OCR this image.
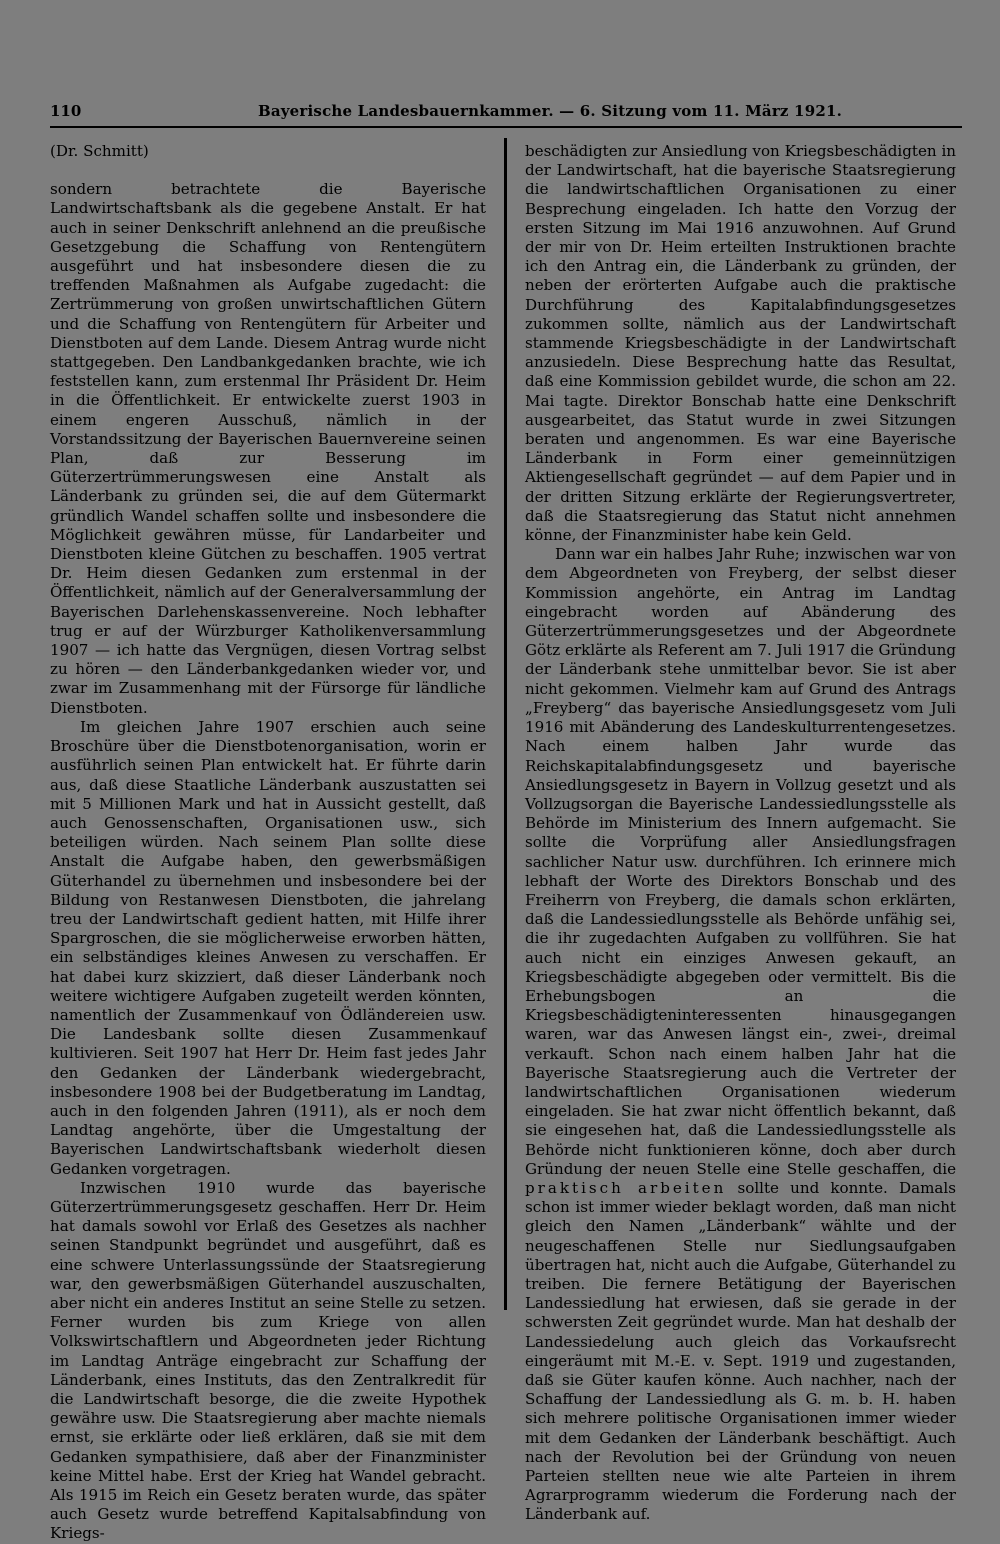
110	Bayerische Landesbauernkammer. — 6. Sitzung vom 11. März 1921.

(Dr. Schmitt)

sondern betrachtete die Bayerische Landwirtschaftsbank als die gegebene Anstalt. Er hat auch in seiner Denkschrift anlehnend an die preußische Gesetzgebung die Schaffung von Rentengütern ausgeführt und hat insbesondere diesen die zu treffenden Maßnahmen als Aufgabe zugedacht: die Zertrümmerung von großen unwirtschaftlichen Gütern und die Schaffung von Rentengütern für Arbeiter und Dienstboten auf dem Lande. Diesem Antrag wurde nicht stattgegeben. Den Landbankgedanken brachte, wie ich feststellen kann, zum erstenmal Ihr Präsident Dr. Heim in die Öffentlichkeit. Er entwickelte zuerst 1903 in einem engeren Ausschuß, nämlich in der Vorstandssitzung der Bayerischen Bauernvereine seinen Plan, daß zur Besserung im Güterzertrümmerungswesen eine Anstalt als Länderbank zu gründen sei, die auf dem Gütermarkt gründlich Wandel schaffen sollte und insbesondere die Möglichkeit gewähren müsse, für Landarbeiter und Dienstboten kleine Gütchen zu beschaffen. 1905 vertrat Dr. Heim diesen Gedanken zum erstenmal in der Öffentlichkeit, nämlich auf der Generalversammlung der Bayerischen Darlehenskassenvereine. Noch lebhafter trug er auf der Würzburger Katholikenversammlung 1907 — ich hatte das Vergnügen, diesen Vortrag selbst zu hören — den Länderbankgedanken wieder vor, und zwar im Zusammenhang mit der Fürsorge für ländliche Dienstboten.

Im gleichen Jahre 1907 erschien auch seine Broschüre über die Dienstbotenorganisation, worin er ausführlich seinen Plan entwickelt hat. Er führte darin aus, daß diese Staatliche Länderbank auszustatten sei mit 5 Millionen Mark und hat in Aussicht gestellt, daß auch Genossenschaften, Organisationen usw., sich beteiligen würden. Nach seinem Plan sollte diese Anstalt die Aufgabe haben, den gewerbsmäßigen Güterhandel zu übernehmen und insbesondere bei der Bildung von Restanwesen Dienstboten, die jahrelang treu der Landwirtschaft gedient hatten, mit Hilfe ihrer Spargroschen, die sie möglicherweise erworben hätten, ein selbständiges kleines Anwesen zu verschaffen. Er hat dabei kurz skizziert, daß dieser Länderbank noch weitere wichtigere Aufgaben zugeteilt werden könnten, namentlich der Zusammenkauf von Ödländereien usw. Die Landesbank sollte diesen Zusammenkauf kultivieren. Seit 1907 hat Herr Dr. Heim fast jedes Jahr den Gedanken der Länderbank wiedergebracht, insbesondere 1908 bei der Budgetberatung im Landtag, auch in den folgenden Jahren (1911), als er noch dem Landtag angehörte, über die Umgestaltung der Bayerischen Landwirtschaftsbank wiederholt diesen Gedanken vorgetragen.

Inzwischen 1910 wurde das bayerische Güterzertrümmerungsgesetz geschaffen. Herr Dr. Heim hat damals sowohl vor Erlaß des Gesetzes als nachher seinen Standpunkt begründet und ausgeführt, daß es eine schwere Unterlassungssünde der Staatsregierung war, den gewerbsmäßigen Güterhandel auszuschalten, aber nicht ein anderes Institut an seine Stelle zu setzen. Ferner wurden bis zum Kriege von allen Volkswirtschaftlern und Abgeordneten jeder Richtung im Landtag Anträge eingebracht zur Schaffung der Länderbank, eines Instituts, das den Zentralkredit für die Landwirtschaft besorge, die die zweite Hypothek gewähre usw. Die Staatsregierung aber machte niemals ernst, sie erklärte oder ließ erklären, daß sie mit dem Gedanken sympathisiere, daß aber der Finanzminister keine Mittel habe. Erst der Krieg hat Wandel gebracht. Als 1915 im Reich ein Gesetz beraten wurde, das später auch Gesetz wurde betreffend Kapitalsabfindung von Kriegs-

beschädigten zur Ansiedlung von Kriegsbeschädigten in der Landwirtschaft, hat die bayerische Staatsregierung die landwirtschaftlichen Organisationen zu einer Besprechung eingeladen. Ich hatte den Vorzug der ersten Sitzung im Mai 1916 anzuwohnen. Auf Grund der mir von Dr. Heim erteilten Instruktionen brachte ich den Antrag ein, die Länderbank zu gründen, der neben der erörterten Aufgabe auch die praktische Durchführung des Kapitalabfindungsgesetzes zukommen sollte, nämlich aus der Landwirtschaft stammende Kriegsbeschädigte in der Landwirtschaft anzusiedeln. Diese Besprechung hatte das Resultat, daß eine Kommission gebildet wurde, die schon am 22. Mai tagte. Direktor Bonschab hatte eine Denkschrift ausgearbeitet, das Statut wurde in zwei Sitzungen beraten und angenommen. Es war eine Bayerische Länderbank in Form einer gemeinnützigen Aktiengesellschaft gegründet — auf dem Papier und in der dritten Sitzung erklärte der Regierungsvertreter, daß die Staatsregierung das Statut nicht annehmen könne, der Finanzminister habe kein Geld.

Dann war ein halbes Jahr Ruhe; inzwischen war von dem Abgeordneten von Freyberg, der selbst dieser Kommission angehörte, ein Antrag im Landtag eingebracht worden auf Abänderung des Güterzertrümmerungsgesetzes und der Abgeordnete Götz erklärte als Referent am 7. Juli 1917 die Gründung der Länderbank stehe unmittelbar bevor. Sie ist aber nicht gekommen. Vielmehr kam auf Grund des Antrags „Freyberg“ das bayerische Ansiedlungsgesetz vom Juli 1916 mit Abänderung des Landeskulturrentengesetzes. Nach einem halben Jahr wurde das Reichskapitalabfindungsgesetz und bayerische Ansiedlungsgesetz in Bayern in Vollzug gesetzt und als Vollzugsorgan die Bayerische Landessiedlungsstelle als Behörde im Ministerium des Innern aufgemacht. Sie sollte die Vorprüfung aller Ansiedlungsfragen sachlicher Natur usw. durchführen. Ich erinnere mich lebhaft der Worte des Direktors Bonschab und des Freiherrn von Freyberg, die damals schon erklärten, daß die Landessiedlungsstelle als Behörde unfähig sei, die ihr zugedachten Aufgaben zu vollführen. Sie hat auch nicht ein einziges Anwesen gekauft, an Kriegsbeschädigte abgegeben oder vermittelt. Bis die Erhebungsbogen an die Kriegsbeschädigteninteressenten hinausgegangen waren, war das Anwesen längst ein-, zwei-, dreimal verkauft. Schon nach einem halben Jahr hat die Bayerische Staatsregierung auch die Vertreter der landwirtschaftlichen Organisationen wiederum eingeladen. Sie hat zwar nicht öffentlich bekannt, daß sie eingesehen hat, daß die Landessiedlungsstelle als Behörde nicht funktionieren könne, doch aber durch Gründung der neuen Stelle eine Stelle geschaffen, die praktisch arbeiten sollte und konnte. Damals schon ist immer wieder beklagt worden, daß man nicht gleich den Namen „Länderbank“ wählte und der neugeschaffenen Stelle nur Siedlungsaufgaben übertragen hat, nicht auch die Aufgabe, Güterhandel zu treiben. Die fernere Betätigung der Bayerischen Landessiedlung hat erwiesen, daß sie gerade in der schwersten Zeit gegründet wurde. Man hat deshalb der Landessiedelung auch gleich das Vorkaufsrecht eingeräumt mit M.-E. v. Sept. 1919 und zugestanden, daß sie Güter kaufen könne. Auch nachher, nach der Schaffung der Landessiedlung als G. m. b. H. haben sich mehrere politische Organisationen immer wieder mit dem Gedanken der Länderbank beschäftigt. Auch nach der Revolution bei der Gründung von neuen Parteien stellten neue wie alte Parteien in ihrem Agrarprogramm wiederum die Forderung nach der Länderbank auf.
